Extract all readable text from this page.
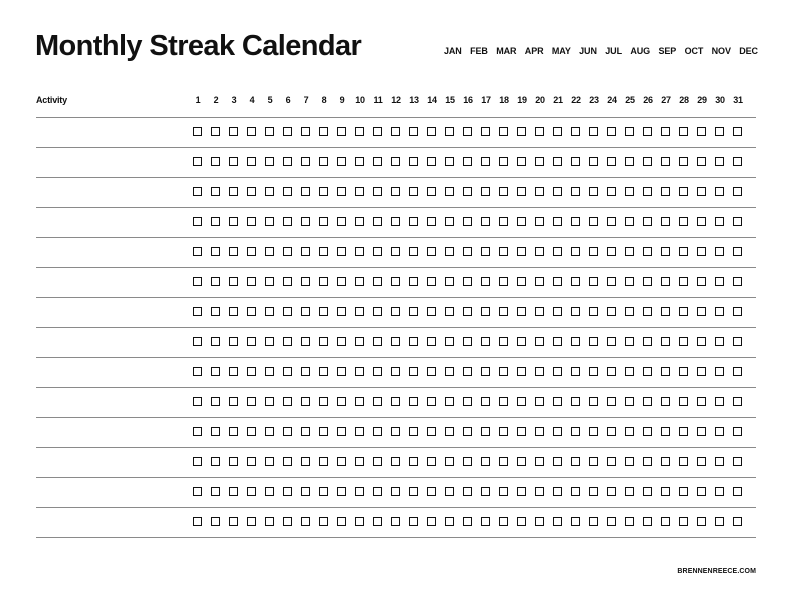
Monthly Streak Calendar	JAN FEB MAR APR MAY JUN JUL AUG SEP OCT NOV DEC
Activity	1	2	3	4	5	6	7	8	9	10 11 12 13 14 15 16 17 18 19 20 21 22 23 24 25 26 27 28 29 30 31
BRENNENREECE.COM
